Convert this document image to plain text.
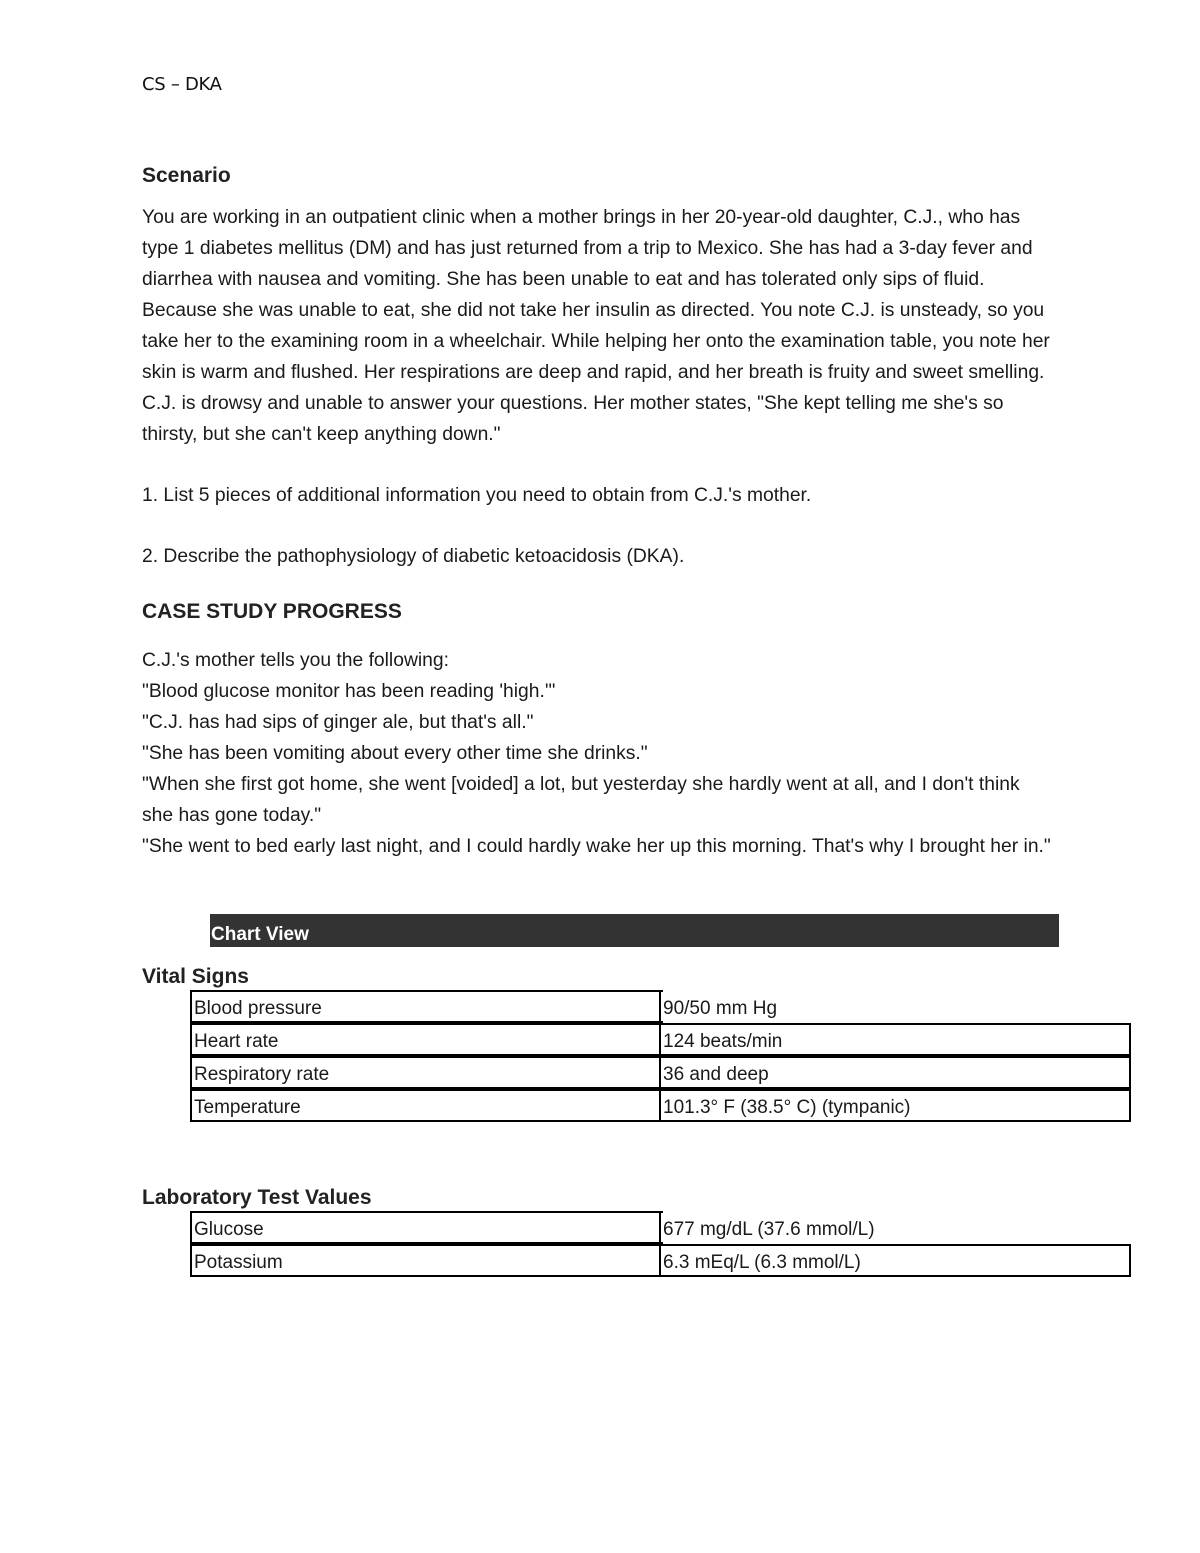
CS – DKA
Scenario
You are working in an outpatient clinic when a mother brings in her 20-year-old daughter, C.J., who has type 1 diabetes mellitus (DM) and has just returned from a trip to Mexico. She has had a 3-day fever and diarrhea with nausea and vomiting. She has been unable to eat and has tolerated only sips of fluid. Because she was unable to eat, she did not take her insulin as directed. You note C.J. is unsteady, so you take her to the examining room in a wheelchair. While helping her onto the examination table, you note her skin is warm and flushed. Her respirations are deep and rapid, and her breath is fruity and sweet smelling. C.J. is drowsy and unable to answer your questions. Her mother states, "She kept telling me she's so thirsty, but she can't keep anything down."
1. List 5 pieces of additional information you need to obtain from C.J.'s mother.
2. Describe the pathophysiology of diabetic ketoacidosis (DKA).
CASE STUDY PROGRESS
C.J.'s mother tells you the following:
"Blood glucose monitor has been reading 'high.'"
"C.J. has had sips of ginger ale, but that's all."
"She has been vomiting about every other time she drinks."
"When she first got home, she went [voided] a lot, but yesterday she hardly went at all, and I don't think she has gone today."
"She went to bed early last night, and I could hardly wake her up this morning. That's why I brought her in."
Chart View
Vital Signs
Blood pressure	90/50 mm Hg
Heart rate	124 beats/min
Respiratory rate	36 and deep
Temperature	101.3° F (38.5° C) (tympanic)
Laboratory Test Values
Glucose	677 mg/dL (37.6 mmol/L)
Potassium	6.3 mEq/L (6.3 mmol/L)
